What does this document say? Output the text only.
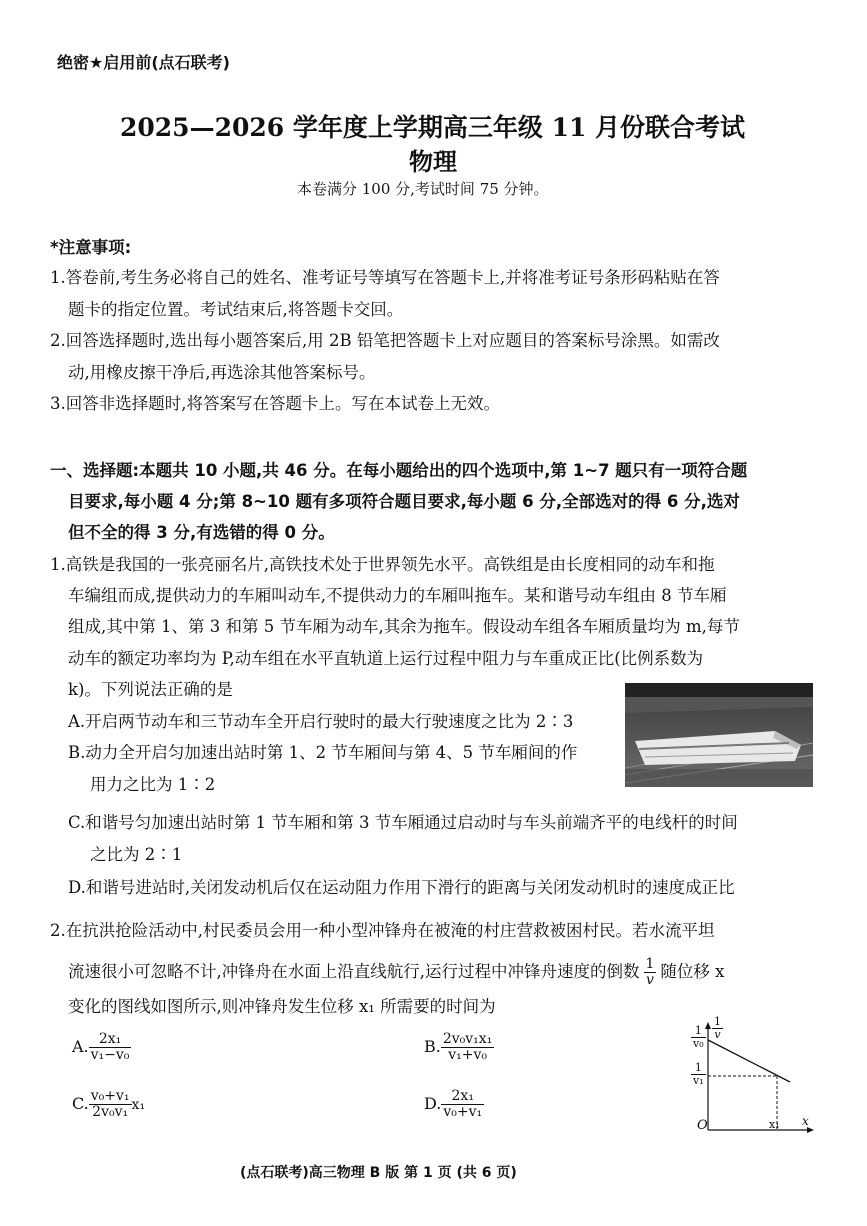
绝密★启用前(点石联考)
2025—2026 学年度上学期高三年级 11 月份联合考试
物理
本卷满分 100 分,考试时间 75 分钟。
*注意事项:
1.答卷前,考生务必将自己的姓名、准考证号等填写在答题卡上,并将准考证号条形码粘贴在答
题卡的指定位置。考试结束后,将答题卡交回。
2.回答选择题时,选出每小题答案后,用 2B 铅笔把答题卡上对应题目的答案标号涂黑。如需改
动,用橡皮擦干净后,再选涂其他答案标号。
3.回答非选择题时,将答案写在答题卡上。写在本试卷上无效。
一、选择题:本题共 10 小题,共 46 分。在每小题给出的四个选项中,第 1~7 题只有一项符合题
目要求,每小题 4 分;第 8~10 题有多项符合题目要求,每小题 6 分,全部选对的得 6 分,选对
但不全的得 3 分,有选错的得 0 分。
1.高铁是我国的一张亮丽名片,高铁技术处于世界领先水平。高铁组是由长度相同的动车和拖
车编组而成,提供动力的车厢叫动车,不提供动力的车厢叫拖车。某和谐号动车组由 8 节车厢
组成,其中第 1、第 3 和第 5 节车厢为动车,其余为拖车。假设动车组各车厢质量均为 m,每节
动车的额定功率均为 P,动车组在水平直轨道上运行过程中阻力与车重成正比(比例系数为
k)。下列说法正确的是
A.开启两节动车和三节动车全开启行驶时的最大行驶速度之比为 2∶3
B.动力全开启匀加速出站时第 1、2 节车厢间与第 4、5 节车厢间的作
用力之比为 1∶2
C.和谐号匀加速出站时第 1 节车厢和第 3 节车厢通过启动时与车头前端齐平的电线杆的时间
之比为 2∶1
D.和谐号进站时,关闭发动机后仅在运动阻力作用下滑行的距离与关闭发动机时的速度成正比
2.在抗洪抢险活动中,村民委员会用一种小型冲锋舟在被淹的村庄营救被困村民。若水流平坦
流速很小可忽略不计,冲锋舟在水面上沿直线航行,运行过程中冲锋舟速度的倒数 $\frac{1}{v}$ 随位移 x
变化的图线如图所示,则冲锋舟发生位移 x₁ 所需要的时间为
A. $\frac{\text{2x₁}}{\text{v₁−v₀}}$	B. $\frac{\text{2v₀v₁x₁}}{\text{v₁+v₀}}$
C. $\frac{\text{v₀+v₁}}{\text{2v₀v₁}} x_1$	D. $\frac{\text{2x₁}}{\text{v₀+v₁}}$
$\frac{1}{v}$
$\frac{1}{\text{v₀}}$
$\frac{1}{\text{v₁}}$
O	x₁ x
(点石联考)高三物理 B 版 第 1 页 (共 6 页)
